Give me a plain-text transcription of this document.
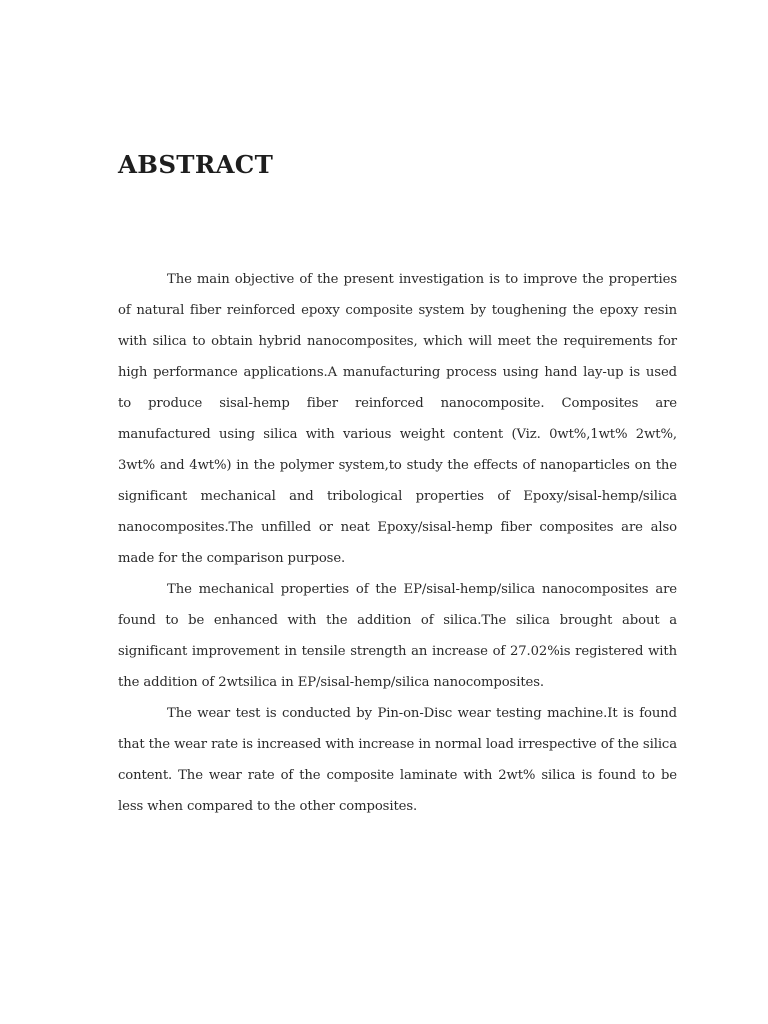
ABSTRACT

The main objective of the present investigation is to improve the properties of natural fiber reinforced epoxy composite system by toughening the epoxy resin with silica to obtain hybrid nanocomposites, which will meet the requirements for high performance applications.A manufacturing process using hand lay-up is used to produce sisal-hemp fiber reinforced nanocomposite. Composites are manufactured using silica with various weight content (Viz. 0wt%,1wt% 2wt%, 3wt% and 4wt%) in the polymer system,to study the effects of nanoparticles on the significant mechanical and tribological properties of Epoxy/sisal-hemp/silica nanocomposites.The unfilled or neat Epoxy/sisal-hemp fiber composites are also made for the comparison purpose.

The mechanical properties of the EP/sisal-hemp/silica nanocomposites are found to be enhanced with the addition of silica.The silica brought about a significant improvement in tensile strength an increase of 27.02%is registered with the addition of 2wtsilica in EP/sisal-hemp/silica nanocomposites.

The wear test is conducted by Pin-on-Disc wear testing machine.It is found that the wear rate is increased with increase in normal load irrespective of the silica content. The wear rate of the composite laminate with 2wt% silica is found to be less when compared to the other composites.
